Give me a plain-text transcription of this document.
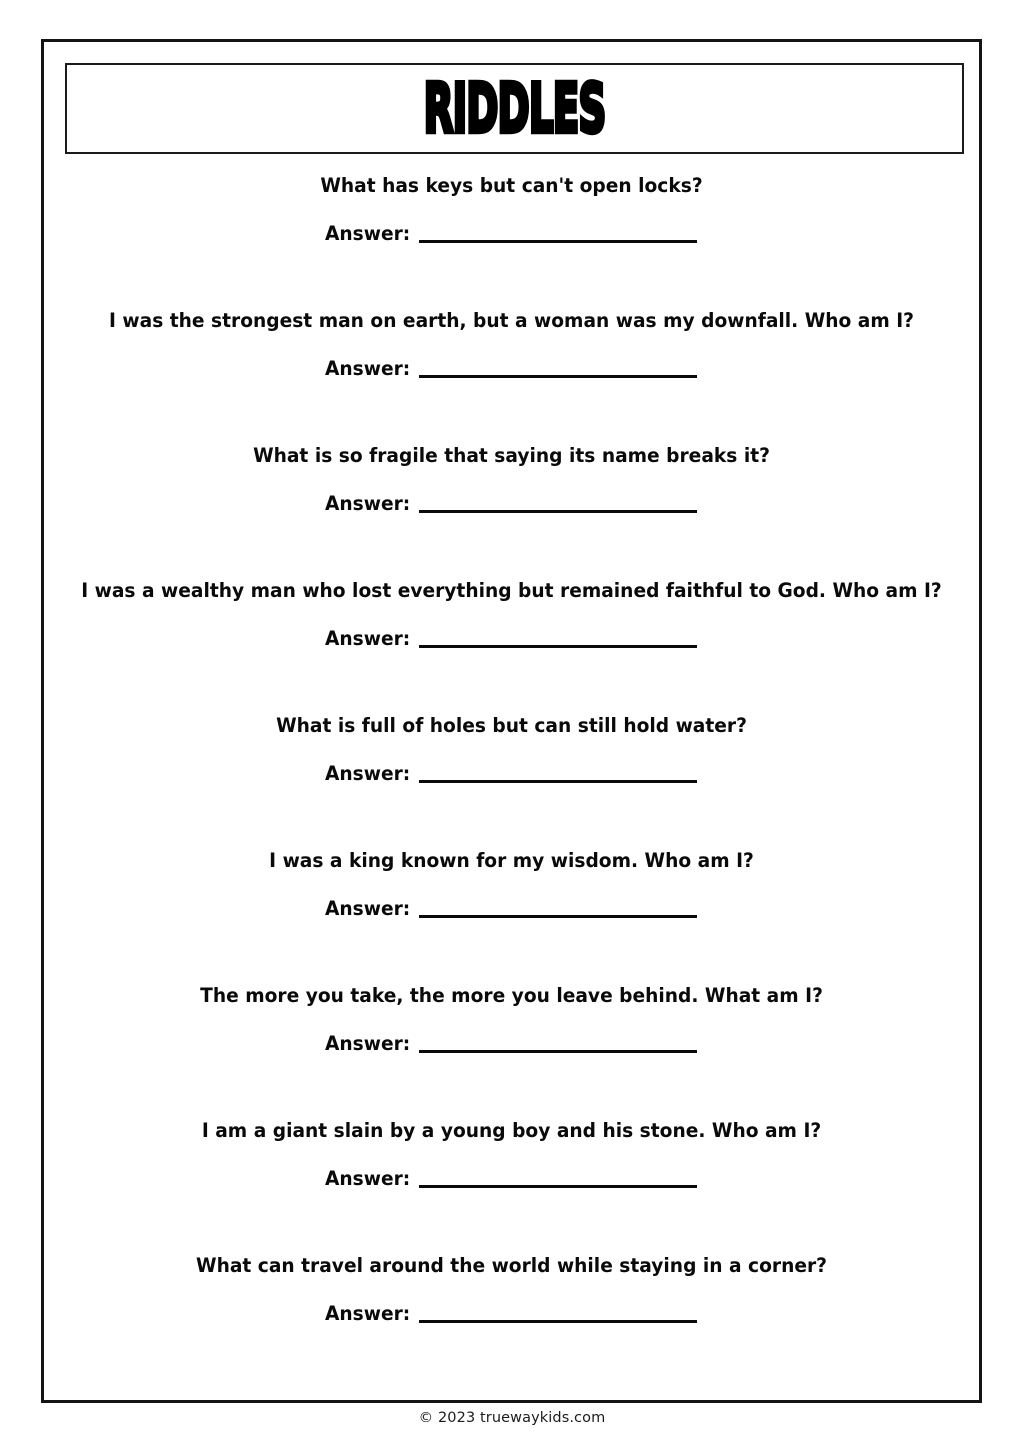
RIDDLES
What has keys but can't open locks?
Answer:
I was the strongest man on earth, but a woman was my downfall. Who am I?
Answer:
What is so fragile that saying its name breaks it?
Answer:
I was a wealthy man who lost everything but remained faithful to God. Who am I?
Answer:
What is full of holes but can still hold water?
Answer:
I was a king known for my wisdom. Who am I?
Answer:
The more you take, the more you leave behind. What am I?
Answer:
I am a giant slain by a young boy and his stone. Who am I?
Answer:
What can travel around the world while staying in a corner?
Answer:
© 2023 truewaykids.com
